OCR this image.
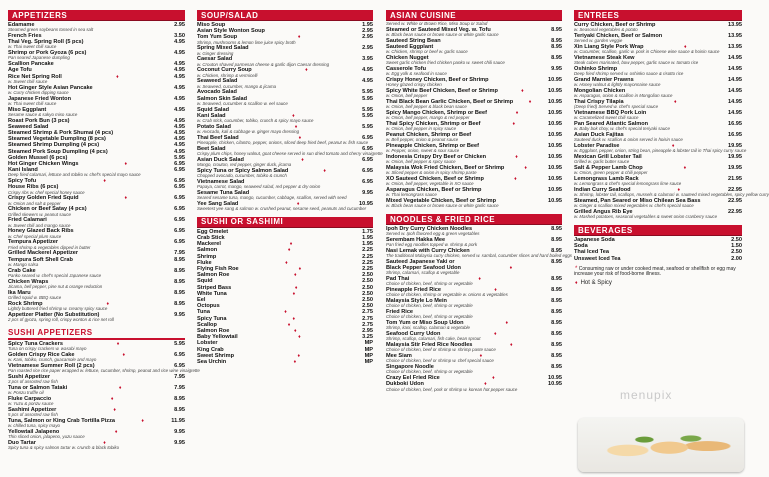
APPETIZERS
Edamame	2.95
Steamed green soybeans tossed in sea salt
French Fries	3.50
Thai Veg. Spring Roll (5 pcs)	4.95
w. Thai sweet chili sauce
Shrimp or Pork Gyoza (6 pcs)	4.95
Pan seared Japanese dumpling
Scallion Pancake	4.95
Age Tofu	4.95
Rice Net Spring Roll	♦	4.95
w. Sweet chili sauce
Hot Ginger Style Asian Pancake	4.95
w. Curry chicken dipping sauce
Japanese Fried Wonton	4.95
w. Thai sweet chili sauce
Miso Eggplant	4.95
Sesame sauce & sakyo miso sauce
Roast Pork Bun (3 pcs)	4.95
Seaweed Salad	4.95
Steamed Shrimp & Pork Shumai (4 pcs)	4.95
Steamed Vegetable Dumpling (8 pcs)	4.95
Steamed Shrimp Dumpling (4 pcs)	4.95
Steamed Pork Soup Dumpling (4 pcs)	4.95
Golden Mussel (6 pcs)	5.95
Hot Ginger Chicken Wings	♦	6.95
Kani Island	6.95
Deep fried calamari, lettuce and tobiko w. chef's special mayo sauce
Spicy Tofu	♦	6.95
House Ribs (6 pcs)	6.95
Crispy ribs w. chef special honey sauce
Crispy Golden Fried Squid	♦	6.95
w. Onion and salt & pepper
Chicken or Beef Satay (4 pcs)	6.95
Grilled skewers w. peanut sauce
Fried Calamari	6.95
w. Sweet chili and mango sauce
Honey Glazed Back Ribs	6.95
w. Chef special plum sauce
Tempura Appetizer	6.95
Fried shrimp & vegetables dipped in butter
Grilled Mackerel Appetizer	7.95
Tempura Soft Shell Crab	8.95
w. Mango salsa
Crab Cake	8.95
Panko seared w. chef's special Japanese sauce
Chicken Wraps	8.95
Jicama, bell pepper, pine nut & orange reduction
Ika Maru	8.95
Grilled squid w. BBQ sauce
Rock Shrimp	♦	8.95
Lightly buttered fried shrimp w. creamy spicy sauce
Appetizer Platter (No Substitution)	9.95
2 pcs of gyoza, spring roll, crispy wonton & rice net roll
SUSHI APPETIZERS
Spicy Tuna Crackers	♦	5.95
Tuna on crispy crackers w. wasabi mayo
Golden Crispy Rice Cake	♦	6.95
w. Kani, tobiko, crunch, guacamole and mayo
Vietnamese Summer Roll (2 pcs)	6.95
Pan roasted rice rice paper wrapped w. lettuce, cucumber, shrimp, peanut and rice wine vinaigrette
Sushi Appetizer	7.95
3 pcs of assorted raw fish
Tuna or Salmon Tataki	♦	7.95
w. Ponzu truffle oil
Fluke Carpaccio	♦	8.95
w. Yuzu & ponzu sauce
Sashimi Appetizer	♦	8.95
5 pcs of assorted raw fish
Tuna, Salmon or King Crab Tortilla Pizza	♦	11.95
w. chilled tuna, spicy mayo
Yellowtail Jalapeno	♦	9.95
Thin sliced onion, jalapeno, yuzu sauce
Duo Tartar	♦	9.95
Spicy tuna & spicy salmon tartar w. crunch & black tobiko
SOUP/SALAD
Miso Soup	1.95
Asian Style Wonton Soup	2.95
Tom Yum Soup	♦	2.95
Shrimp, mushrooms & lemon lime juice spicy broth
Spring Mixed Salad	2.95
w. Ginger dressing
Caesar Salad	3.95
w. Crouton shaved parmesan cheese & garlic dijon Caesar dressing
Coconut Curry Soup	♦	4.95
w. Chicken, shrimp & vermicelli
Seaweed Salad	4.95
w. Seaweed, cucumber, mango & jicama
Avocado Salad	5.95
Salmon Skin Salad	5.95
w. Seaweed, cucumber & scallion w. eel sauce
Squid Salad	5.95
Kani Salad	♦	5.95
w. Crab stick, cucumber, tobiko, crunch & spicy mayo sauce
Potato Salad	♦	5.95
w. Avocado, kali & cabbage w. ginger mayo dressing
Thai Beef Salad	♦	6.95
Pineapple, chicken, cilantro, pepper, onions, sliced deep fried beef, peanut w. fish sauce
Beet Salad	6.95
Crispy plum chips, honey walnut, goat cheese served in sun dried tomato and cherry vinaigrette
Asian Duck Salad	♦	6.95
Mango, crouton, red pepper, ginger duck, jicama
Spicy Tuna or Spicy Salmon Salad	♦	6.95
Chopped avocado, cucumber, tobiko & crunch
Vietnamese Salad	6.95
Papaya, carrot, mango, seaweed salad, red pepper & dry onion
Sesame Tuna Salad	9.95
Seared sesame tuna, mango, cucumber, cabbage, scallion, served with seed
Yee Sang Salad	♦	10.95
Sweetest yee sang & salmon w. crushed peanut, sesame seed, peanuts and cucumber
SUSHI OR SASHIMI
Egg Omelet	1.75
Crab Stick	1.95
Mackerel	♦	1.95
Salmon	♦	2.25
Shrimp	2.25
Fluke	♦	2.25
Flying Fish Roe	♦	2.25
Salmon Roe	♦	2.50
Squid	2.50
Striped Bass	♦	2.50
White Tuna	♦	2.50
Eel	2.50
Octopus	2.50
Tuna	♦	2.75
Spicy Tuna	♦	2.75
Scallop	♦	2.75
Salmon Roe	♦	2.95
Baby Yellowtail	♦	3.25
Lobster	MP
King Crab	MP
Sweet Shrimp	♦	MP
Sea Urchin	♦	MP
ASIAN CUISINE
Served w. White or Brown Rice, Miso Soup or Salad
Steamed or Sauteed Mixed Veg. w. Tofu	8.95
w. Black bean sauce or brown sauce or white garlic sauce
Sauteed String Bean	8.95
Sauteed Eggplant	8.95
w. Chicken, shrimp or beef w. garlic sauce
Chicken Nugget	8.95
Sweet garlic chicken fried chicken panko w. sweet chili sauce
Casserole Tofu	9.95
w. Egg yolk & seafood in sauce
Crispy Honey Chicken, Beef or Shrimp	10.95
Honey glazed crispy chicken
Spicy White Beef Chicken, Beef or Shrimp	♦	10.95
w. Onion, bell pepper
Thai Black Bean Garlic Chicken, Beef or Shrimp	♦	10.95
w. Onion, bell pepper & black bean sauce
Spicy Mango Chicken, Shrimp or Beef	♦	10.95
w. Onion, bell pepper, mango & red pepper
Thai Spicy Chicken, Shrimp or Beef	♦	10.95
w. Onion, bell pepper in spicy sauce
Peanut Chicken, Shrimp or Beef	10.95
w. Bell pepper, onion & peanut sauce
Pineapple Chicken, Shrimp or Beef	10.95
w. Pepper, onion, sweet & sour sauce
Indonesia Crispy Dry Beef or Chicken	♦	10.95
w. Onion, bell pepper & spicy sauce
Malaysia Wok Fried Chicken, Beef or Shrimp	♦	10.95
w. Sliced pepper & onion in spicy shrimp paste
XO Sauteed Chicken, Beef or Shrimp	♦	10.95
w. Onion, bell pepper, vegetable in XO sauce
Asparagus Chicken, Beef or Shrimp	10.95
w. Thai lemongrass sauce
Mixed Vegetable Chicken, Beef or Shrimp	10.95
w. Black bean sauce or brown sauce or white garlic sauce
NOODLES & FRIED RICE
Ipoh Dry Curry Chicken Noodles	8.95
Served w. Ipoh flavored egg & green vegetables
Serembam Hakka Mee	8.95
Pan fried egg noodles topped w. shrimp & pork
Nasi Lemak with Curry Chicken	8.95
The traditional Malaysia curry chicken, served w. sambal, cucumber slices and hard boiled eggs
Sauteed Japanese Yaki or	8.95
Black Pepper Seafood Udon	♦
Shrimp, calamari, scallop & vegetable
Pad Thai	♦	8.95
Choice of chicken, beef, shrimp or vegetable
Pineapple Fried Rice	♦	8.95
Choice of chicken, shrimp or vegetable w. onions & vegetables
Malaysia Style Lo Mein	8.95
Choice of chicken, beef, shrimp or vegetable
Fried Rice	8.95
Choice of chicken, beef, shrimp or vegetable
Tom Yum or Miso Soup Udon	♦	8.95
Shrimp, kani, scallop, calamari & vegetable
Seafood Curry Udon	♦	8.95
Shrimp, scallop, calamari, fish cake, bean sprout
Malaysia Stir Fried Rice Noodles	♦	8.95
Choice of chicken, beef or shrimp w. shrimp paste sauce
Mee Siam	♦	8.95
Choice of chicken, beef or shrimp w. chef special sauce
Singapore Noodle	8.95
Choice of chicken, beef, shrimp or vegetable
Crazy Eel Fried Rice	♦	10.95
Dukboki Udon	♦	10.95
Choice of chicken, beef, pork or shrimp w. korean hot pepper sauce
ENTREES
Curry Chicken, Beef or Shrimp	13.95
w. Seasonal vegetables & potato
Teriyaki Chicken, Beef or Salmon	13.95
Served w. garden veggie
Xin Liang Style Pork Wrap	♦	13.95
w. Cucumber, scallion, garlic w. pork in Chinese wine sauce & hoisin sauce
Vietnamese Steak Kew	14.95
Steak cubes marinated, bow pepper, garlic sauce w. tomato rice
Oshinko Shrimp	14.95
Deep fried shrimp served w. oshinko sauce & risotto rice
Grand Marnier Prawns	14.95
w. Honey walnut & lightly mayonnaise sauce
Mongolian Chicken	14.95
w. Asparagus, onion & scallion in Mongolian sauce
Thai Crispy Tilapia	♦	14.95
(Deep fried) Served w. chef's special sauce
Vietnamese BBQ Pork Loin	14.95
w. Caramelized sweet chili sauce
Pan Seared Atlantic Salmon	16.95
w. Baby bok choy, w. chef's special teriyaki sauce
Asian Duck Fajitas	16.95
Sauteed duck w. scallion & onion served in hoisin sauce
Lobster Paradise	♦	19.95
w. Eggplant, pepper, onion, string bean, pineapple & lobster tail in Thai spicy curry sauce
Mexican Grill Lobster Tail	19.95
Grilled w. garlic butter sauce
Salt & Pepper Lamb Chop	♦	19.95
w. Onion, green pepper & chili pepper
Lemongrass Lamb Rack	21.95
w. Lemongrass & chef's special lemongrass lime sauce
Indian Curry Seafood	♦	22.95
w. Shrimp, lobster tail, scallops, mussels & calamari w. sauteed mixed vegetables, spicy yellow curry
Steamed, Pan Seared or Miso Chilean Sea Bass	22.95
w. Ginger & scallion mixed vegetables w. chef's special sauce
Grilled Angus Rib Eye	22.95
w. Mashed potatoes, seasonal vegetables & sweet onion cranberry sauce
BEVERAGES
Japanese Soda	2.50
Soda	1.50
Thai Iced Tea	2.50
Unsweet Iced Tea	2.00
* Consuming raw or under cooked meat, seafood or shellfish or egg may increase your risk of food-borne illness.
♦ Hot & Spicy
menupix
